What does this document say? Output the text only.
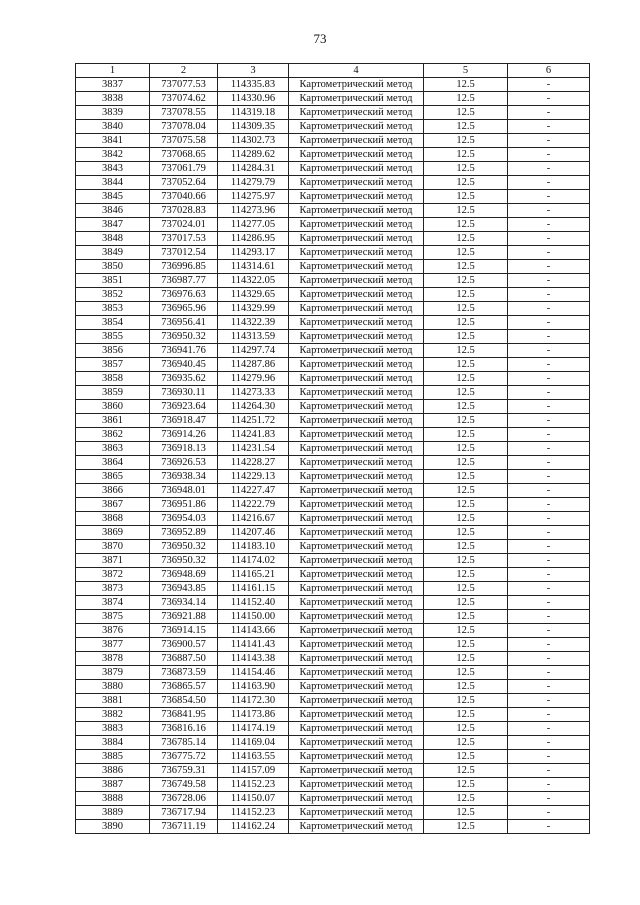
73
1	2	3	4	5	6
3837	737077.53	114335.83	Картометрический метод	12.5	-
3838	737074.62	114330.96	Картометрический метод	12.5	-
3839	737078.55	114319.18	Картометрический метод	12.5	-
3840	737078.04	114309.35	Картометрический метод	12.5	-
3841	737075.58	114302.73	Картометрический метод	12.5	-
3842	737068.65	114289.62	Картометрический метод	12.5	-
3843	737061.79	114284.31	Картометрический метод	12.5	-
3844	737052.64	114279.79	Картометрический метод	12.5	-
3845	737040.66	114275.97	Картометрический метод	12.5	-
3846	737028.83	114273.96	Картометрический метод	12.5	-
3847	737024.01	114277.05	Картометрический метод	12.5	-
3848	737017.53	114286.95	Картометрический метод	12.5	-
3849	737012.54	114293.17	Картометрический метод	12.5	-
3850	736996.85	114314.61	Картометрический метод	12.5	-
3851	736987.77	114322.05	Картометрический метод	12.5	-
3852	736976.63	114329.65	Картометрический метод	12.5	-
3853	736965.96	114329.99	Картометрический метод	12.5	-
3854	736956.41	114322.39	Картометрический метод	12.5	-
3855	736950.32	114313.59	Картометрический метод	12.5	-
3856	736941.76	114297.74	Картометрический метод	12.5	-
3857	736940.45	114287.86	Картометрический метод	12.5	-
3858	736935.62	114279.96	Картометрический метод	12.5	-
3859	736930.11	114273.33	Картометрический метод	12.5	-
3860	736923.64	114264.30	Картометрический метод	12.5	-
3861	736918.47	114251.72	Картометрический метод	12.5	-
3862	736914.26	114241.83	Картометрический метод	12.5	-
3863	736918.13	114231.54	Картометрический метод	12.5	-
3864	736926.53	114228.27	Картометрический метод	12.5	-
3865	736938.34	114229.13	Картометрический метод	12.5	-
3866	736948.01	114227.47	Картометрический метод	12.5	-
3867	736951.86	114222.79	Картометрический метод	12.5	-
3868	736954.03	114216.67	Картометрический метод	12.5	-
3869	736952.89	114207.46	Картометрический метод	12.5	-
3870	736950.32	114183.10	Картометрический метод	12.5	-
3871	736950.32	114174.02	Картометрический метод	12.5	-
3872	736948.69	114165.21	Картометрический метод	12.5	-
3873	736943.85	114161.15	Картометрический метод	12.5	-
3874	736934.14	114152.40	Картометрический метод	12.5	-
3875	736921.88	114150.00	Картометрический метод	12.5	-
3876	736914.15	114143.66	Картометрический метод	12.5	-
3877	736900.57	114141.43	Картометрический метод	12.5	-
3878	736887.50	114143.38	Картометрический метод	12.5	-
3879	736873.59	114154.46	Картометрический метод	12.5	-
3880	736865.57	114163.90	Картометрический метод	12.5	-
3881	736854.50	114172.30	Картометрический метод	12.5	-
3882	736841.95	114173.86	Картометрический метод	12.5	-
3883	736816.16	114174.19	Картометрический метод	12.5	-
3884	736785.14	114169.04	Картометрический метод	12.5	-
3885	736775.72	114163.55	Картометрический метод	12.5	-
3886	736759.31	114157.09	Картометрический метод	12.5	-
3887	736749.58	114152.23	Картометрический метод	12.5	-
3888	736728.06	114150.07	Картометрический метод	12.5	-
3889	736717.94	114152.23	Картометрический метод	12.5	-
3890	736711.19	114162.24	Картометрический метод	12.5	-
